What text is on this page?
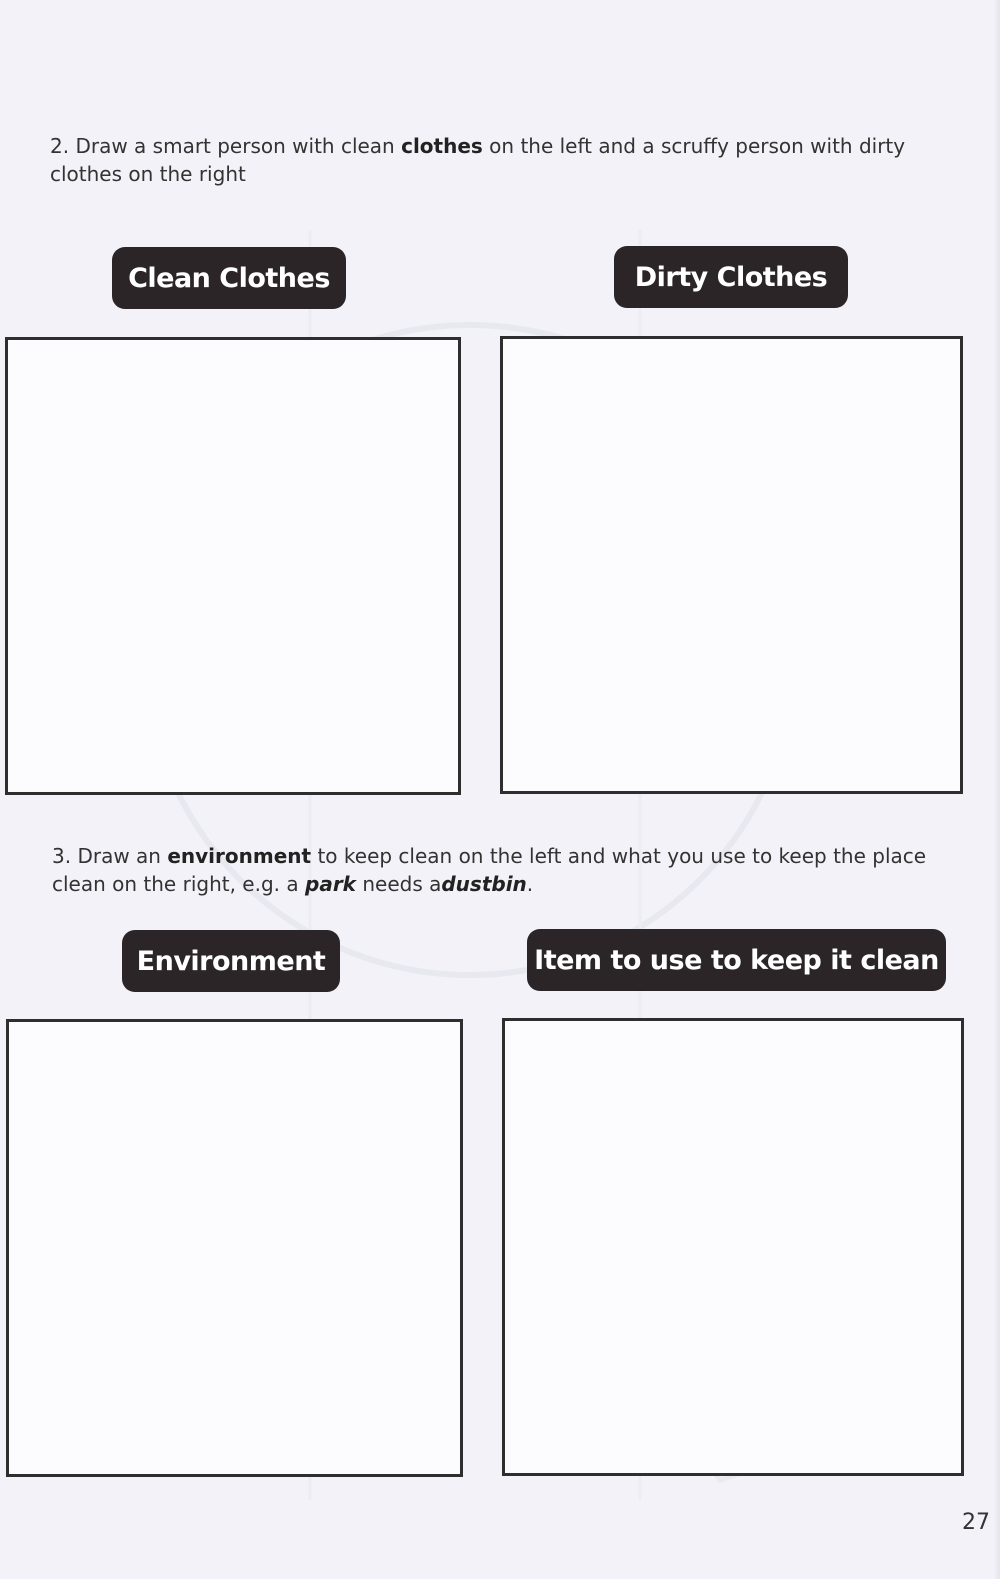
2. Draw a smart person with clean clothes on the left and a scruffy person with dirty clothes on the right
Clean Clothes	Dirty Clothes
3. Draw an environment to keep clean on the left and what you use to keep the place clean on the right, e.g. a park needs adustbin.
Environment	Item to use to keep it clean
27
